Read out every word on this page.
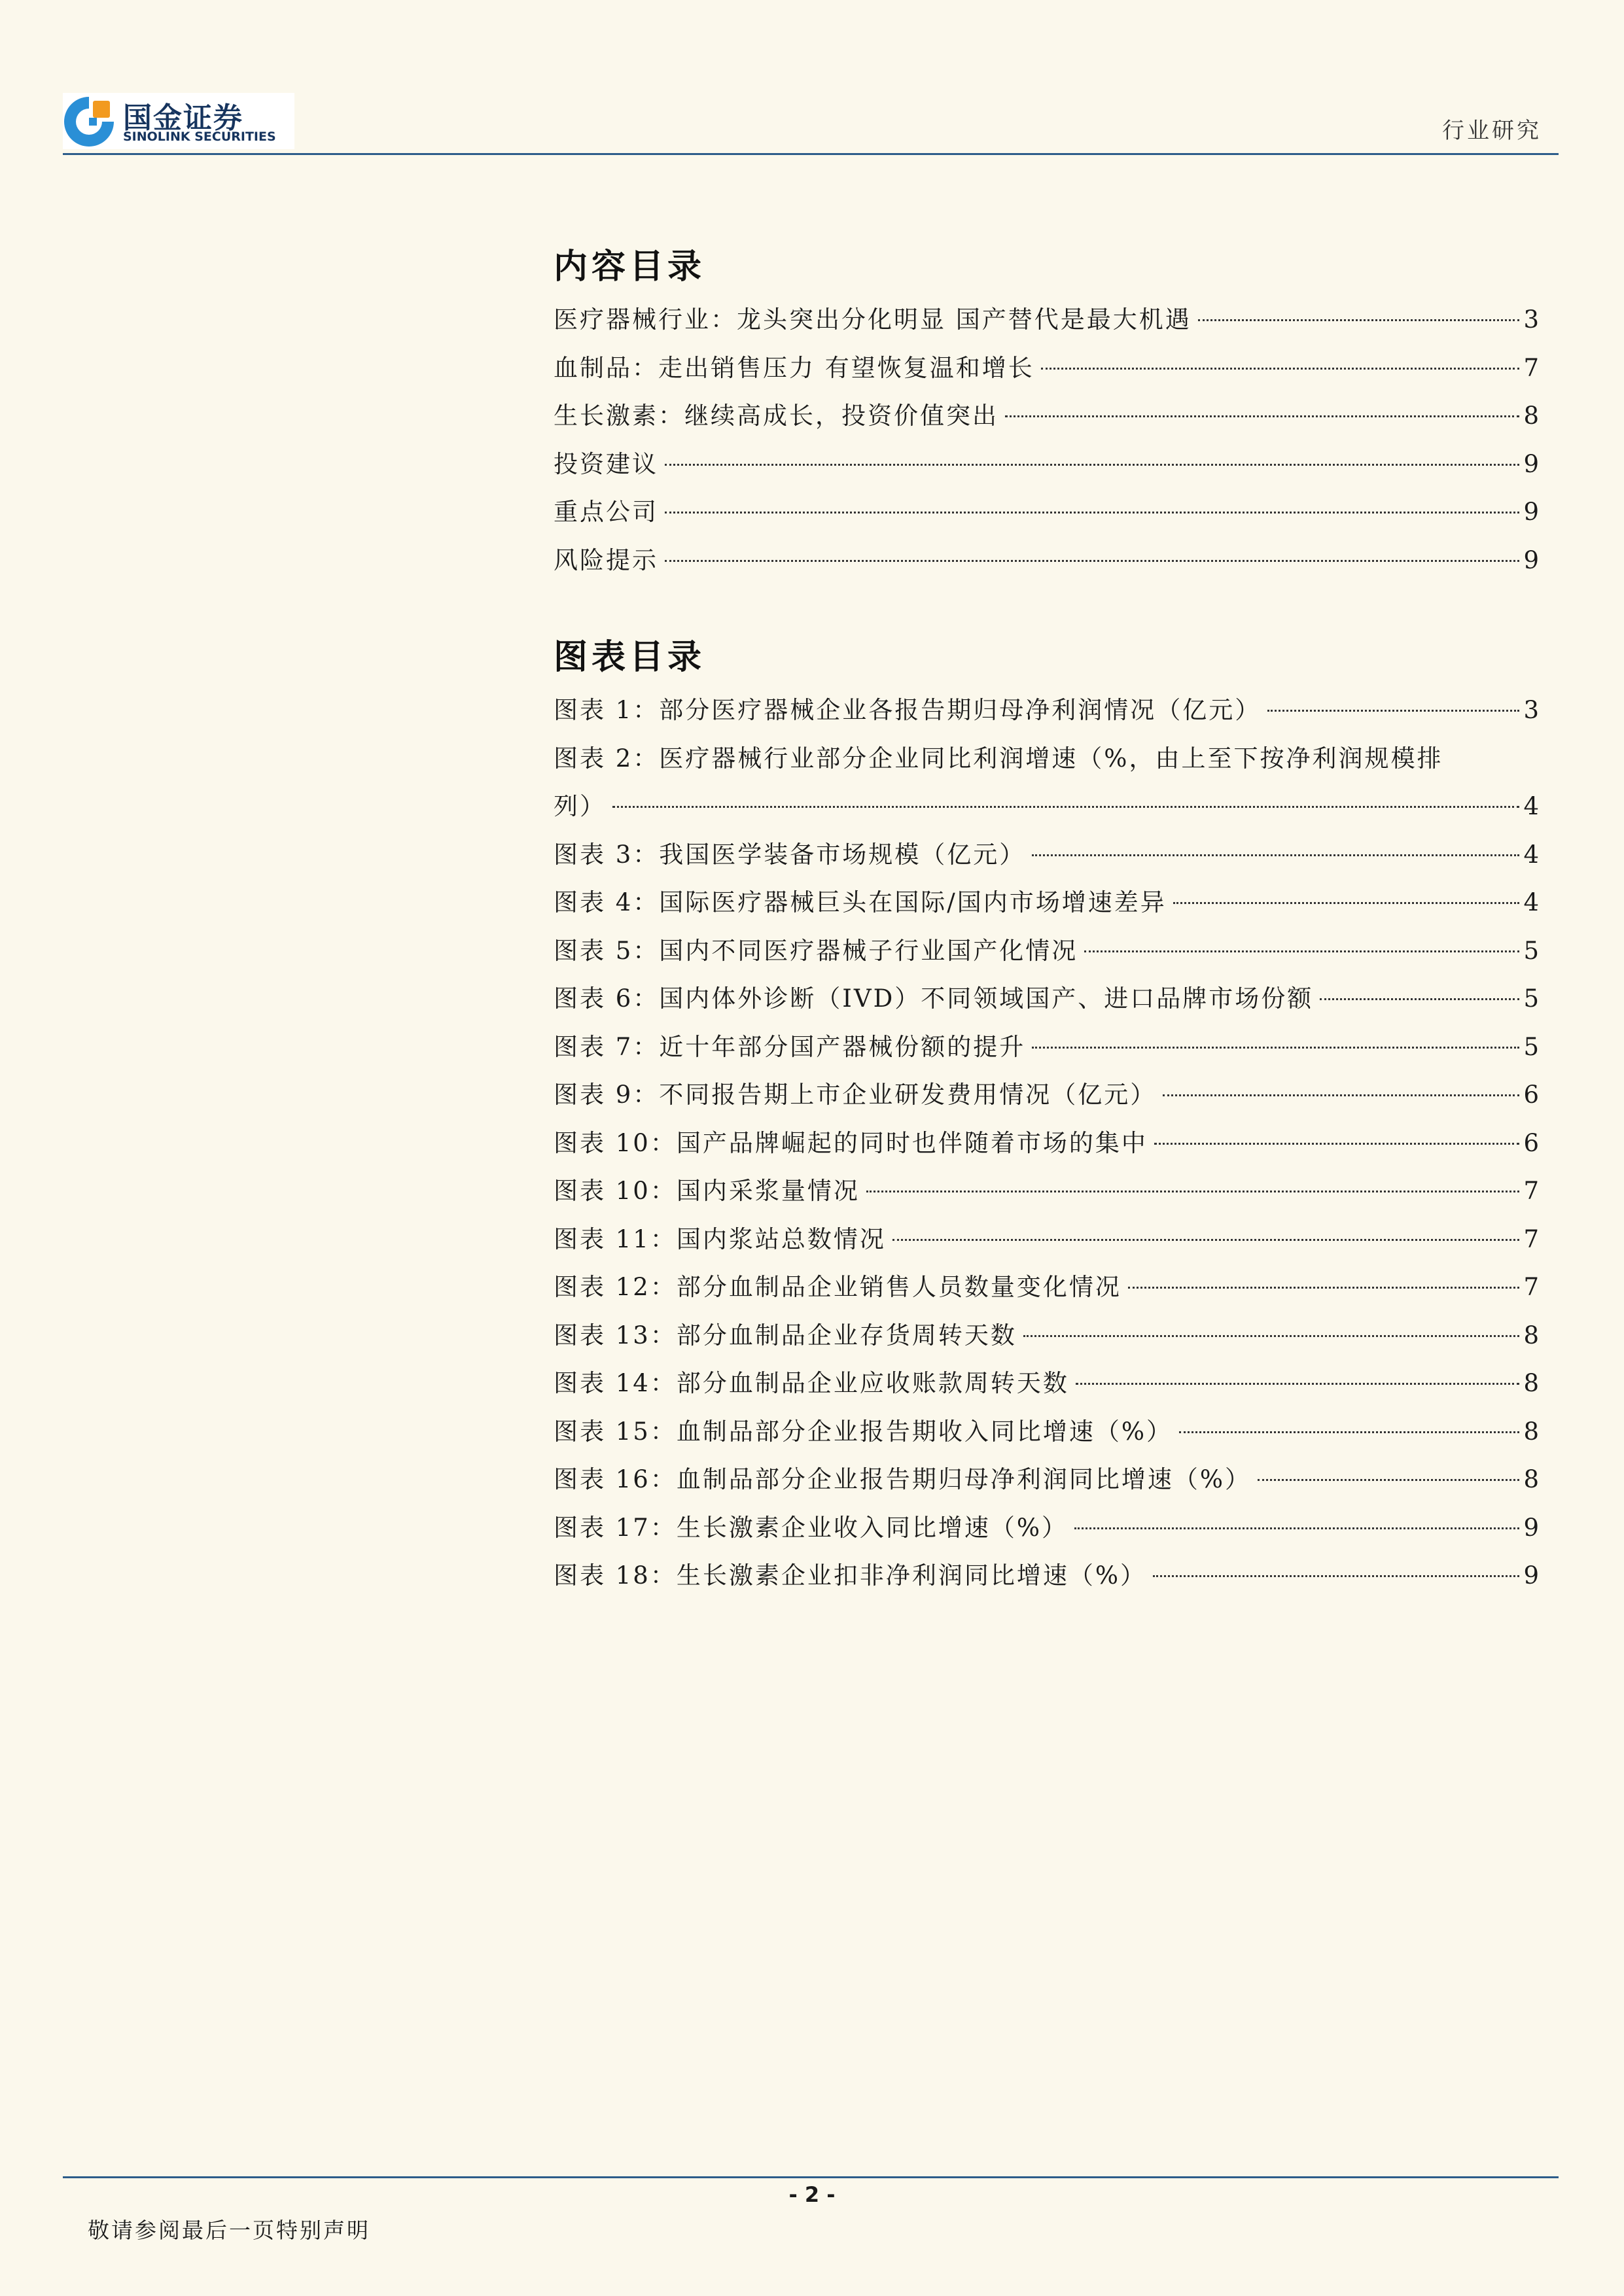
国金证券
SINOLINK SECURITIES	行业研究
内容目录
医疗器械行业：龙头突出分化明显 国产替代是最大机遇	3
血制品：走出销售压力 有望恢复温和增长	7
生长激素：继续高成长，投资价值突出	8
投资建议	9
重点公司	9
风险提示	9
图表目录
图表 1：部分医疗器械企业各报告期归母净利润情况（亿元）	3
图表 2：医疗器械行业部分企业同比利润增速（%，由上至下按净利润规模排
列）	4
图表 3：我国医学装备市场规模（亿元）	4
图表 4：国际医疗器械巨头在国际/国内市场增速差异	4
图表 5：国内不同医疗器械子行业国产化情况	5
图表 6：国内体外诊断（IVD）不同领域国产、进口品牌市场份额	5
图表 7：近十年部分国产器械份额的提升	5
图表 9：不同报告期上市企业研发费用情况（亿元）	6
图表 10：国产品牌崛起的同时也伴随着市场的集中	6
图表 10：国内采浆量情况	7
图表 11：国内浆站总数情况	7
图表 12：部分血制品企业销售人员数量变化情况	7
图表 13：部分血制品企业存货周转天数	8
图表 14：部分血制品企业应收账款周转天数	8
图表 15：血制品部分企业报告期收入同比增速（%）	8
图表 16：血制品部分企业报告期归母净利润同比增速（%）	8
图表 17：生长激素企业收入同比增速（%）	9
图表 18：生长激素企业扣非净利润同比增速（%）	9
- 2 -
敬请参阅最后一页特别声明
